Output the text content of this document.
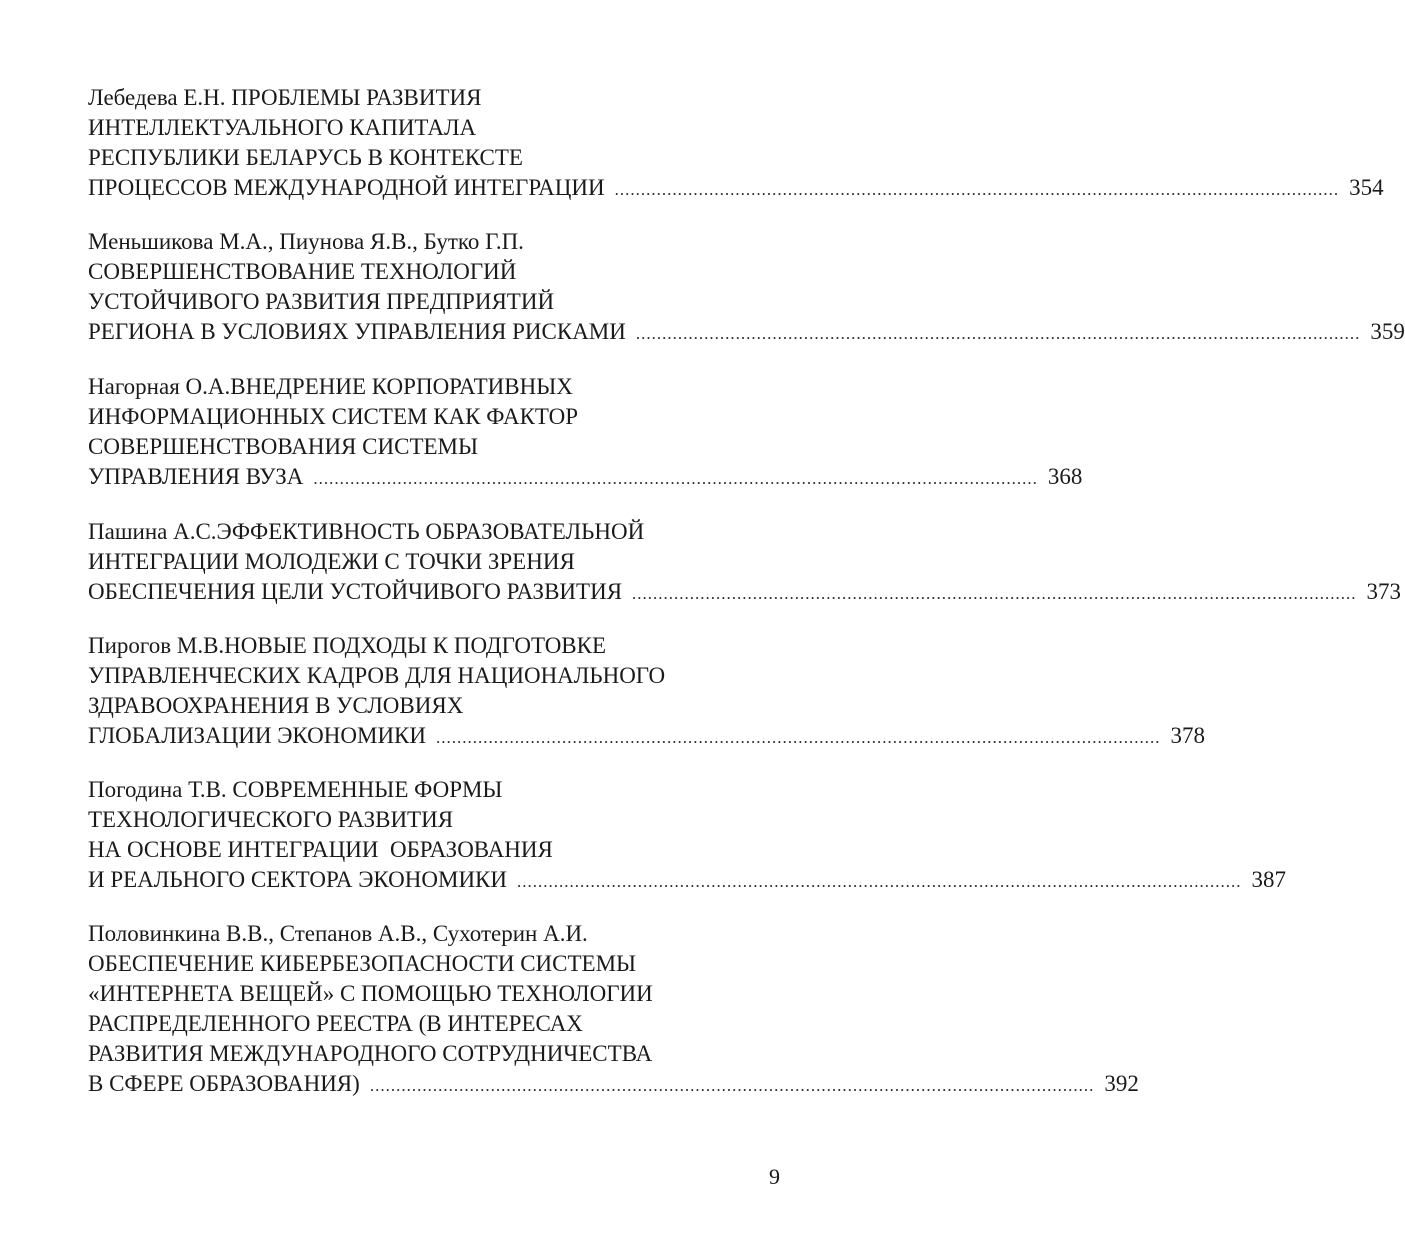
Лебедева Е.Н. ПРОБЛЕМЫ РАЗВИТИЯ
ИНТЕЛЛЕКТУАЛЬНОГО КАПИТАЛА
РЕСПУБЛИКИ БЕЛАРУСЬ В КОНТЕКСТЕ
ПРОЦЕССОВ МЕЖДУНАРОДНОЙ ИНТЕГРАЦИИ .......................................................................................................................................... 354
Меньшикова М.А., Пиунова Я.В., Бутко Г.П.
СОВЕРШЕНСТВОВАНИЕ ТЕХНОЛОГИЙ
УСТОЙЧИВОГО РАЗВИТИЯ ПРЕДПРИЯТИЙ
РЕГИОНА В УСЛОВИЯХ УПРАВЛЕНИЯ РИСКАМИ .......................................................................................................................................... 359
Нагорная О.А.ВНЕДРЕНИЕ КОРПОРАТИВНЫХ
ИНФОРМАЦИОННЫХ СИСТЕМ КАК ФАКТОР
СОВЕРШЕНСТВОВАНИЯ СИСТЕМЫ
УПРАВЛЕНИЯ ВУЗА .......................................................................................................................................... 368
Пашина А.С.ЭФФЕКТИВНОСТЬ ОБРАЗОВАТЕЛЬНОЙ
ИНТЕГРАЦИИ МОЛОДЕЖИ С ТОЧКИ ЗРЕНИЯ
ОБЕСПЕЧЕНИЯ ЦЕЛИ УСТОЙЧИВОГО РАЗВИТИЯ .......................................................................................................................................... 373
Пирогов М.В.НОВЫЕ ПОДХОДЫ К ПОДГОТОВКЕ
УПРАВЛЕНЧЕСКИХ КАДРОВ ДЛЯ НАЦИОНАЛЬНОГО
ЗДРАВООХРАНЕНИЯ В УСЛОВИЯХ
ГЛОБАЛИЗАЦИИ ЭКОНОМИКИ .......................................................................................................................................... 378
Погодина Т.В. СОВРЕМЕННЫЕ ФОРМЫ
ТЕХНОЛОГИЧЕСКОГО РАЗВИТИЯ
НА ОСНОВЕ ИНТЕГРАЦИИ  ОБРАЗОВАНИЯ
И РЕАЛЬНОГО СЕКТОРА ЭКОНОМИКИ .......................................................................................................................................... 387
Половинкина В.В., Степанов А.В., Сухотерин А.И.
ОБЕСПЕЧЕНИЕ КИБЕРБЕЗОПАСНОСТИ СИСТЕМЫ
«ИНТЕРНЕТА ВЕЩЕЙ» С ПОМОЩЬЮ ТЕХНОЛОГИИ
РАСПРЕДЕЛЕННОГО РЕЕСТРА (В ИНТЕРЕСАХ
РАЗВИТИЯ МЕЖДУНАРОДНОГО СОТРУДНИЧЕСТВА
В СФЕРЕ ОБРАЗОВАНИЯ) .......................................................................................................................................... 392
9
